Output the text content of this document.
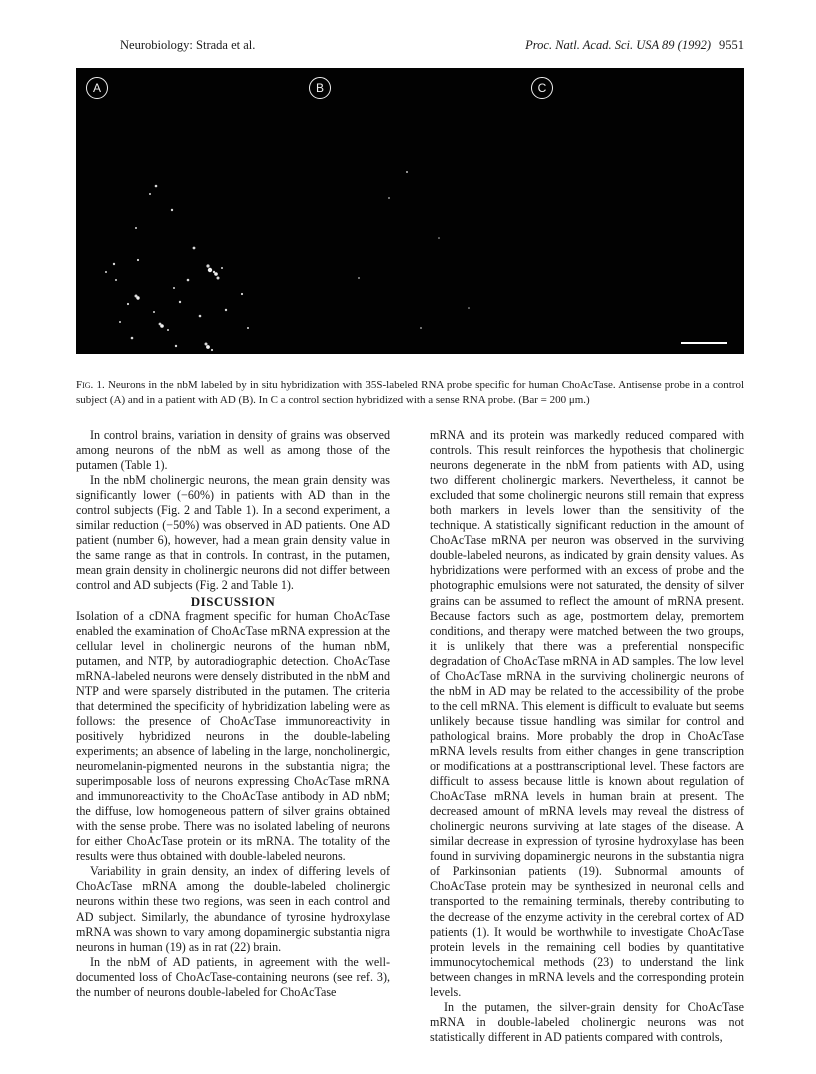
Neurobiology: Strada et al.	Proc. Natl. Acad. Sci. USA 89 (1992) 9551
A	B	C
Fig. 1. Neurons in the nbM labeled by in situ hybridization with 35S-labeled RNA probe specific for human ChoAcTase. Antisense probe in a control subject (A) and in a patient with AD (B). In C a control section hybridized with a sense RNA probe. (Bar = 200 μm.)

In control brains, variation in density of grains was observed among neurons of the nbM as well as among those of the putamen (Table 1).

In the nbM cholinergic neurons, the mean grain density was significantly lower (−60%) in patients with AD than in the control subjects (Fig. 2 and Table 1). In a second experiment, a similar reduction (−50%) was observed in AD patients. One AD patient (number 6), however, had a mean grain density value in the same range as that in controls. In contrast, in the putamen, mean grain density in cholinergic neurons did not differ between control and AD subjects (Fig. 2 and Table 1).

DISCUSSION

Isolation of a cDNA fragment specific for human ChoAcTase enabled the examination of ChoAcTase mRNA expression at the cellular level in cholinergic neurons of the human nbM, putamen, and NTP, by autoradiographic detection. ChoAcTase mRNA-labeled neurons were densely distributed in the nbM and NTP and were sparsely distributed in the putamen. The criteria that determined the specificity of hybridization labeling were as follows: the presence of ChoAcTase immunoreactivity in positively hybridized neurons in the double-labeling experiments; an absence of labeling in the large, noncholinergic, neuromelanin-pigmented neurons in the substantia nigra; the superimposable loss of neurons expressing ChoAcTase mRNA and immunoreactivity to the ChoAcTase antibody in AD nbM; the diffuse, low homogeneous pattern of silver grains obtained with the sense probe. There was no isolated labeling of neurons for either ChoAcTase protein or its mRNA. The totality of the results were thus obtained with double-labeled neurons.

Variability in grain density, an index of differing levels of ChoAcTase mRNA among the double-labeled cholinergic neurons within these two regions, was seen in each control and AD subject. Similarly, the abundance of tyrosine hydroxylase mRNA was shown to vary among dopaminergic substantia nigra neurons in human (19) as in rat (22) brain.

In the nbM of AD patients, in agreement with the well-documented loss of ChoAcTase-containing neurons (see ref. 3), the number of neurons double-labeled for ChoAcTase

mRNA and its protein was markedly reduced compared with controls. This result reinforces the hypothesis that cholinergic neurons degenerate in the nbM from patients with AD, using two different cholinergic markers. Nevertheless, it cannot be excluded that some cholinergic neurons still remain that express both markers in levels lower than the sensitivity of the technique. A statistically significant reduction in the amount of ChoAcTase mRNA per neuron was observed in the surviving double-labeled neurons, as indicated by grain density values. As hybridizations were performed with an excess of probe and the photographic emulsions were not saturated, the density of silver grains can be assumed to reflect the amount of mRNA present. Because factors such as age, postmortem delay, premortem conditions, and therapy were matched between the two groups, it is unlikely that there was a preferential nonspecific degradation of ChoAcTase mRNA in AD samples. The low level of ChoAcTase mRNA in the surviving cholinergic neurons of the nbM in AD may be related to the accessibility of the probe to the cell mRNA. This element is difficult to evaluate but seems unlikely because tissue handling was similar for control and pathological brains. More probably the drop in ChoAcTase mRNA levels results from either changes in gene transcription or modifications at a posttranscriptional level. These factors are difficult to assess because little is known about regulation of ChoAcTase mRNA levels in human brain at present. The decreased amount of mRNA levels may reveal the distress of cholinergic neurons surviving at late stages of the disease. A similar decrease in expression of tyrosine hydroxylase has been found in surviving dopaminergic neurons in the substantia nigra of Parkinsonian patients (19). Subnormal amounts of ChoAcTase protein may be synthesized in neuronal cells and transported to the remaining terminals, thereby contributing to the decrease of the enzyme activity in the cerebral cortex of AD patients (1). It would be worthwhile to investigate ChoAcTase protein levels in the remaining cell bodies by quantitative immunocytochemical methods (23) to understand the link between changes in mRNA levels and the corresponding protein levels.

In the putamen, the silver-grain density for ChoAcTase mRNA in double-labeled cholinergic neurons was not statistically different in AD patients compared with controls,
